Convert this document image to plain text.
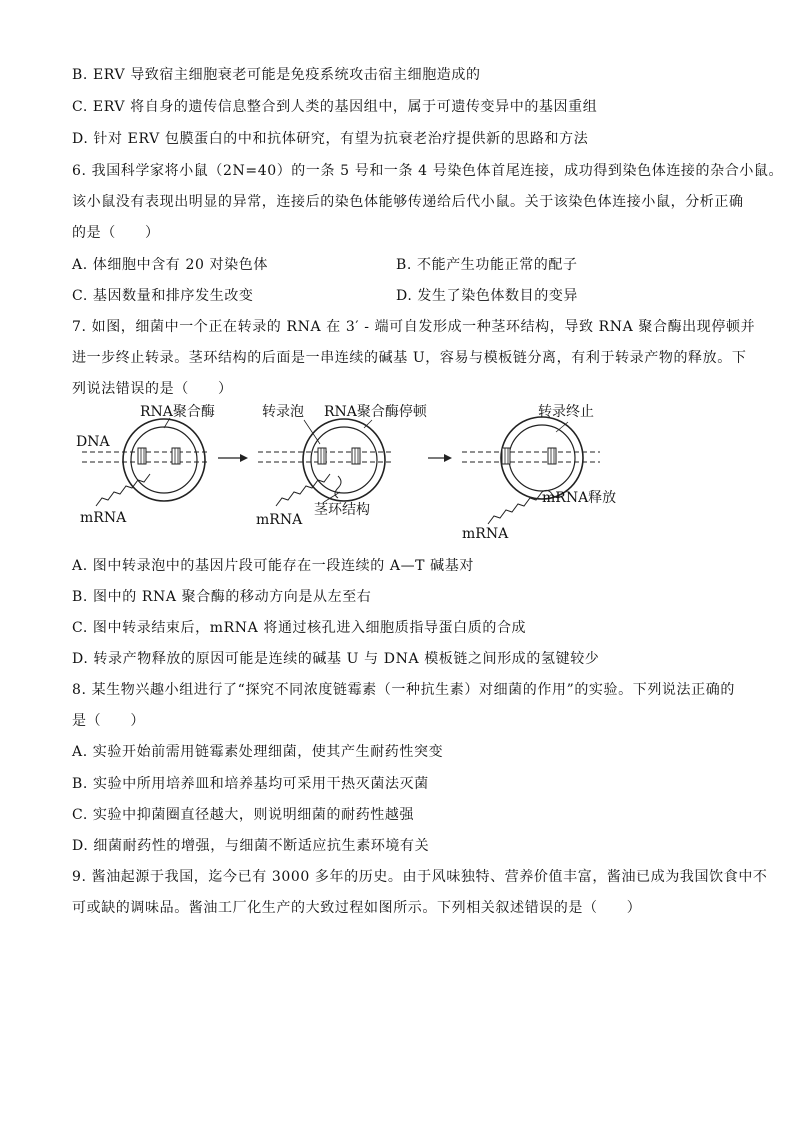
B. ERV 导致宿主细胞衰老可能是免疫系统攻击宿主细胞造成的
C. ERV 将自身的遗传信息整合到人类的基因组中，属于可遗传变异中的基因重组
D. 针对 ERV 包膜蛋白的中和抗体研究，有望为抗衰老治疗提供新的思路和方法
6. 我国科学家将小鼠（2N=40）的一条 5 号和一条 4 号染色体首尾连接，成功得到染色体连接的杂合小鼠。
该小鼠没有表现出明显的异常，连接后的染色体能够传递给后代小鼠。关于该染色体连接小鼠，分析正确
的是（　　）
A. 体细胞中含有 20 对染色体	B. 不能产生功能正常的配子
C. 基因数量和排序发生改变	D. 发生了染色体数目的变异
7. 如图，细菌中一个正在转录的 RNA 在 3′ - 端可自发形成一种茎环结构，导致 RNA 聚合酶出现停顿并
进一步终止转录。茎环结构的后面是一串连续的碱基 U，容易与模板链分离，有利于转录产物的释放。下
列说法错误的是（　　）
RNA聚合酶
DNA
mRNA
转录泡 RNA聚合酶停顿
茎环结构
mRNA
转录终止
mRNA释放
mRNA
A. 图中转录泡中的基因片段可能存在一段连续的 A—T 碱基对
B. 图中的 RNA 聚合酶的移动方向是从左至右
C. 图中转录结束后，mRNA 将通过核孔进入细胞质指导蛋白质的合成
D. 转录产物释放的原因可能是连续的碱基 U 与 DNA 模板链之间形成的氢键较少
8. 某生物兴趣小组进行了“探究不同浓度链霉素（一种抗生素）对细菌的作用”的实验。下列说法正确的
是（　　）
A. 实验开始前需用链霉素处理细菌，使其产生耐药性突变
B. 实验中所用培养皿和培养基均可采用干热灭菌法灭菌
C. 实验中抑菌圈直径越大，则说明细菌的耐药性越强
D. 细菌耐药性的增强，与细菌不断适应抗生素环境有关
9. 酱油起源于我国，迄今已有 3000 多年的历史。由于风味独特、营养价值丰富，酱油已成为我国饮食中不
可或缺的调味品。酱油工厂化生产的大致过程如图所示。下列相关叙述错误的是（　　）
